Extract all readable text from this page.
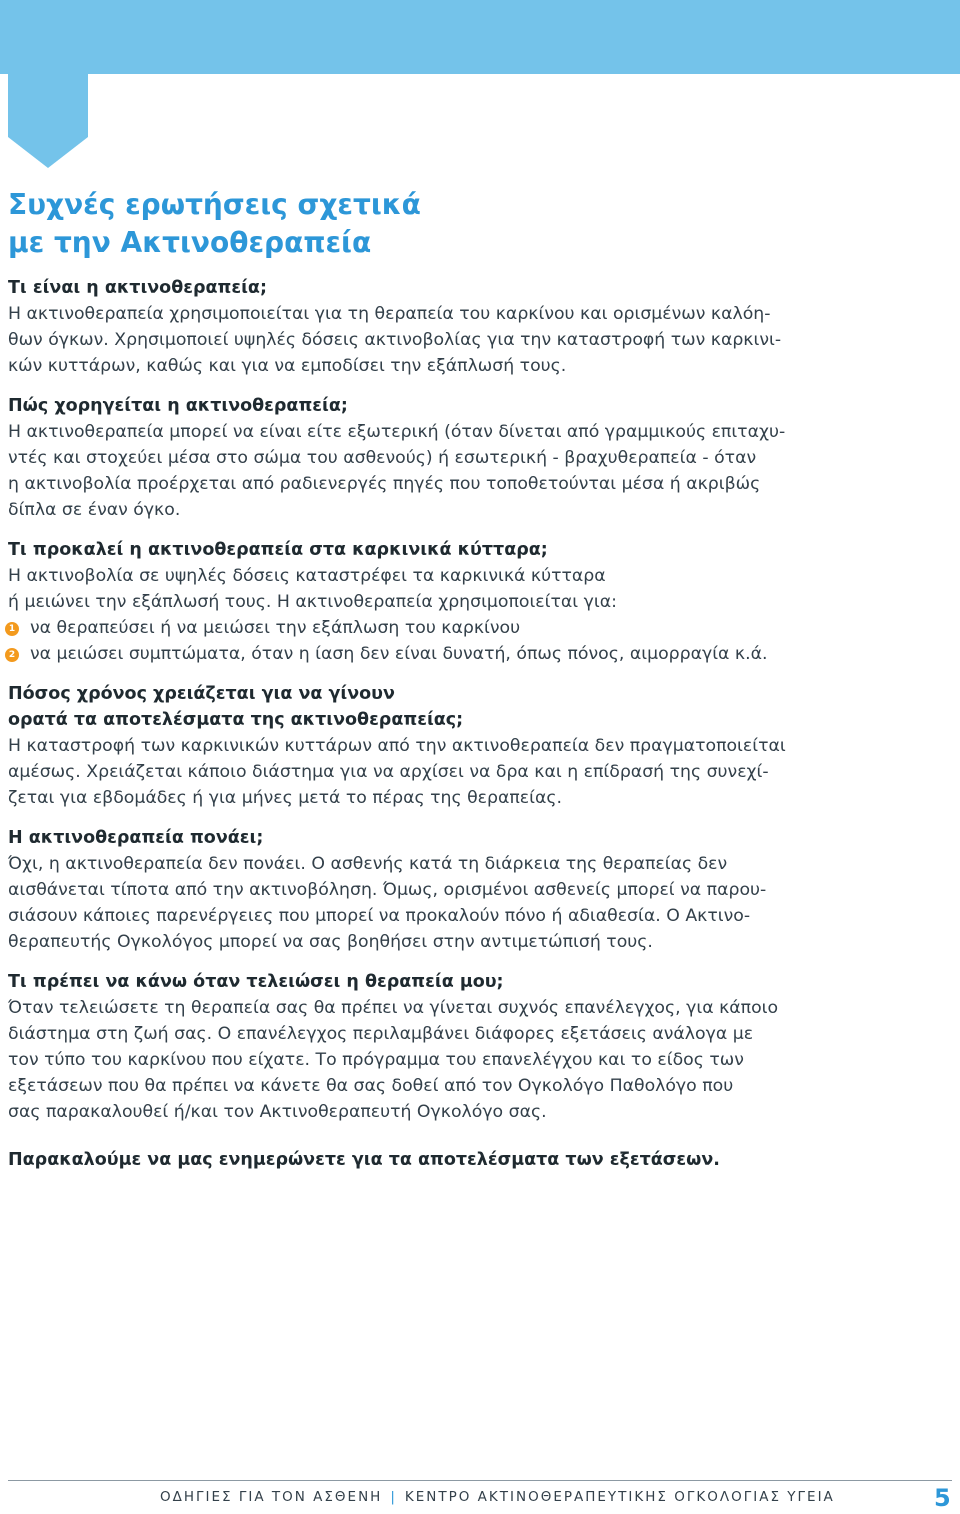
Συχνές ερωτήσεις σχετικά
με την Ακτινοθεραπεία

Τι είναι η ακτινοθεραπεία;

Η ακτινοθεραπεία χρησιμοποιείται για τη θεραπεία του καρκίνου και ορισμένων καλόη-
θων όγκων. Χρησιμοποιεί υψηλές δόσεις ακτινοβολίας για την καταστροφή των καρκινι-
κών κυττάρων, καθώς και για να εμποδίσει την εξάπλωσή τους.

Πώς χορηγείται η ακτινοθεραπεία;

Η ακτινοθεραπεία μπορεί να είναι είτε εξωτερική (όταν δίνεται από γραμμικούς επιταχυ-
ντές και στοχεύει μέσα στο σώμα του ασθενούς) ή εσωτερική - βραχυθεραπεία - όταν
η ακτινοβολία προέρχεται από ραδιενεργές πηγές που τοποθετούνται μέσα ή ακριβώς
δίπλα σε έναν όγκο.

Τι προκαλεί η ακτινοθεραπεία στα καρκινικά κύτταρα;

Η ακτινοβολία σε υψηλές δόσεις καταστρέφει τα καρκινικά κύτταρα
ή μειώνει την εξάπλωσή τους. Η ακτινοθεραπεία χρησιμοποιείται για:

1 να θεραπεύσει ή να μειώσει την εξάπλωση του καρκίνου
2 να μειώσει συμπτώματα, όταν η ίαση δεν είναι δυνατή, όπως πόνος, αιμορραγία κ.ά.

Πόσος χρόνος χρειάζεται για να γίνουν
ορατά τα αποτελέσματα της ακτινοθεραπείας;

Η καταστροφή των καρκινικών κυττάρων από την ακτινοθεραπεία δεν πραγματοποιείται
αμέσως. Χρειάζεται κάποιο διάστημα για να αρχίσει να δρα και η επίδρασή της συνεχί-
ζεται για εβδομάδες ή για μήνες μετά το πέρας της θεραπείας.

Η ακτινοθεραπεία πονάει;

Όχι, η ακτινοθεραπεία δεν πονάει. Ο ασθενής κατά τη διάρκεια της θεραπείας δεν
αισθάνεται τίποτα από την ακτινοβόληση. Όμως, ορισμένοι ασθενείς μπορεί να παρου-
σιάσουν κάποιες παρενέργειες που μπορεί να προκαλούν πόνο ή αδιαθεσία. Ο Ακτινο-
θεραπευτής Ογκολόγος μπορεί να σας βοηθήσει στην αντιμετώπισή τους.

Τι πρέπει να κάνω όταν τελειώσει η θεραπεία μου;

Όταν τελειώσετε τη θεραπεία σας θα πρέπει να γίνεται συχνός επανέλεγχος, για κάποιο
διάστημα στη ζωή σας. Ο επανέλεγχος περιλαμβάνει διάφορες εξετάσεις ανάλογα με
τον τύπο του καρκίνου που είχατε. Το πρόγραμμα του επανελέγχου και το είδος των
εξετάσεων που θα πρέπει να κάνετε θα σας δοθεί από τον Ογκολόγο Παθολόγο που
σας παρακαλουθεί ή/και τον Ακτινοθεραπευτή Ογκολόγο σας.

Παρακαλούμε να μας ενημερώνετε για τα αποτελέσματα των εξετάσεων.

ΟΔΗΓΙΕΣ ΓΙΑ ΤΟΝ ΑΣΘΕΝΗ | ΚΕΝΤΡΟ ΑΚΤΙΝΟΘΕΡΑΠΕΥΤΙΚΗΣ ΟΓΚΟΛΟΓΙΑΣ ΥΓΕΙΑ	5
